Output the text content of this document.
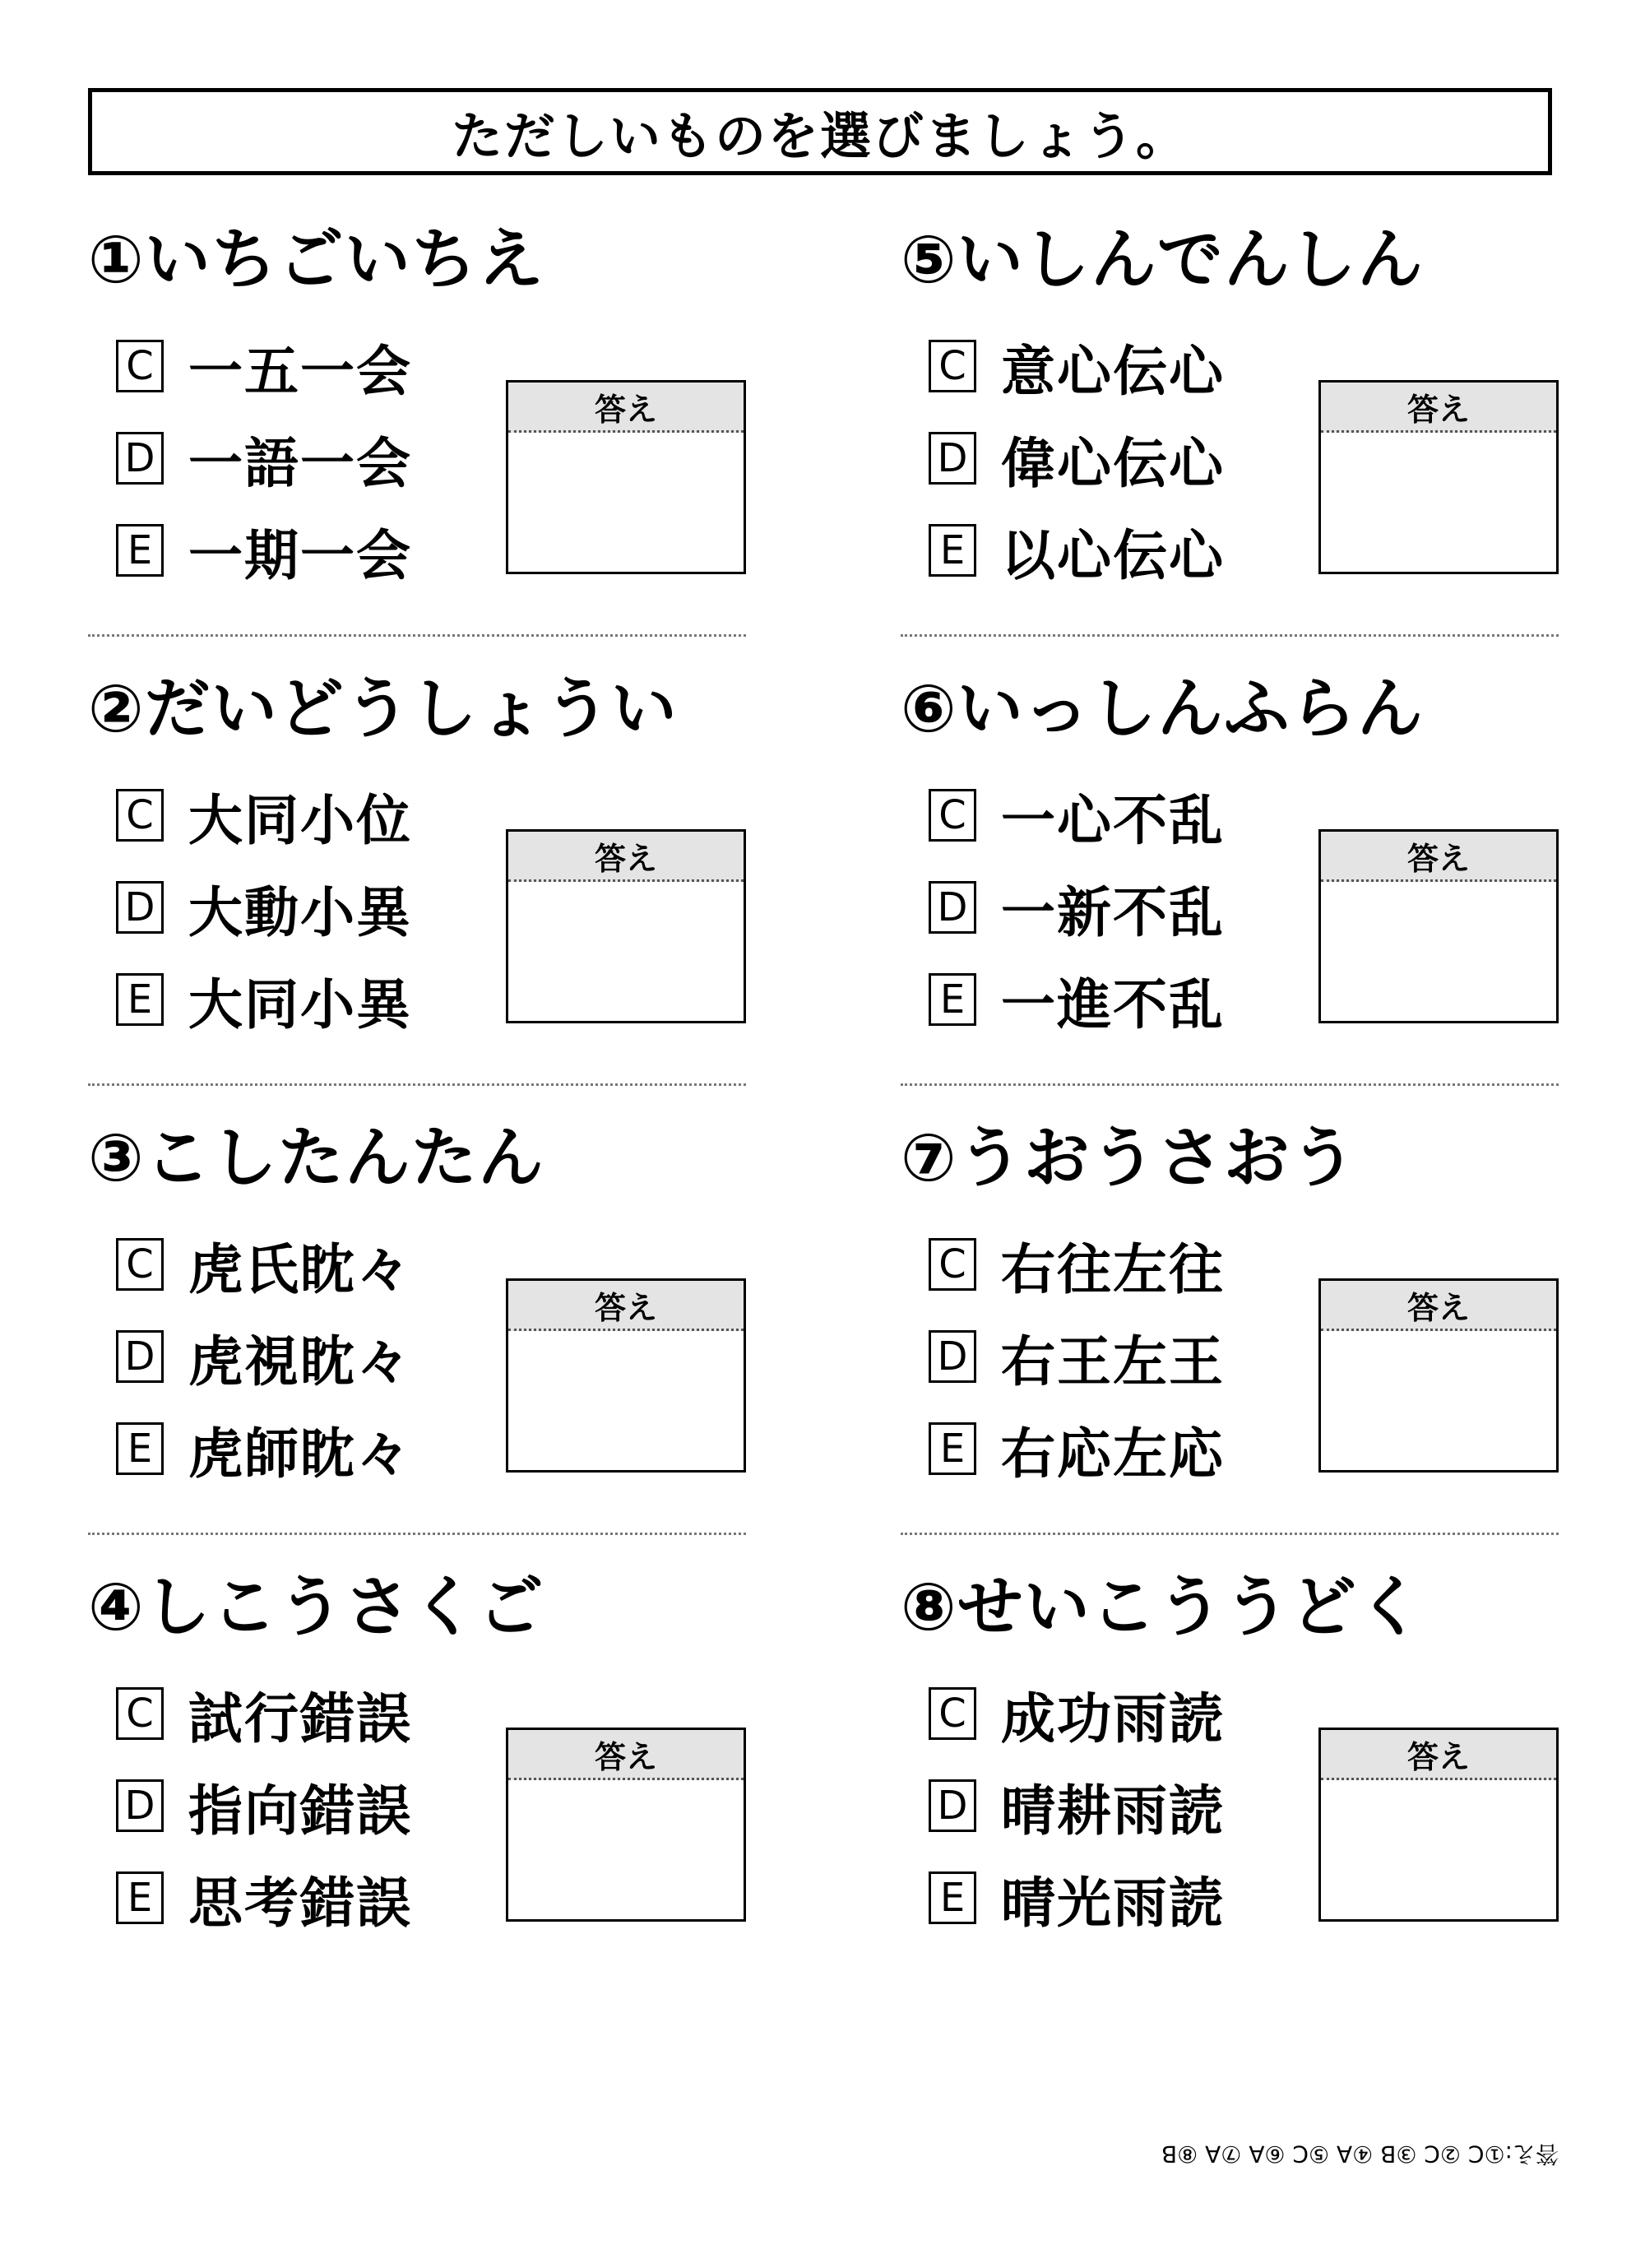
ただしいものを選びましょう。
①いちごいちえ
C 一五一会
D 一語一会
E 一期一会
答え
②だいどうしょうい
C 大同小位
D 大動小異
E 大同小異
答え
③こしたんたん
C 虎氏眈々
D 虎視眈々
E 虎師眈々
答え
④しこうさくご
C 試行錯誤
D 指向錯誤
E 思考錯誤
答え
⑤いしんでんしん
C 意心伝心
D 偉心伝心
E 以心伝心
答え
⑥いっしんふらん
C 一心不乱
D 一新不乱
E 一進不乱
答え
⑦うおうさおう
C 右往左往
D 右王左王
E 右応左応
答え
⑧せいこううどく
C 成功雨読
D 晴耕雨読
E 晴光雨読
答え
答え:①C ②C ③B ④A ⑤C ⑥A ⑦A ⑧B
